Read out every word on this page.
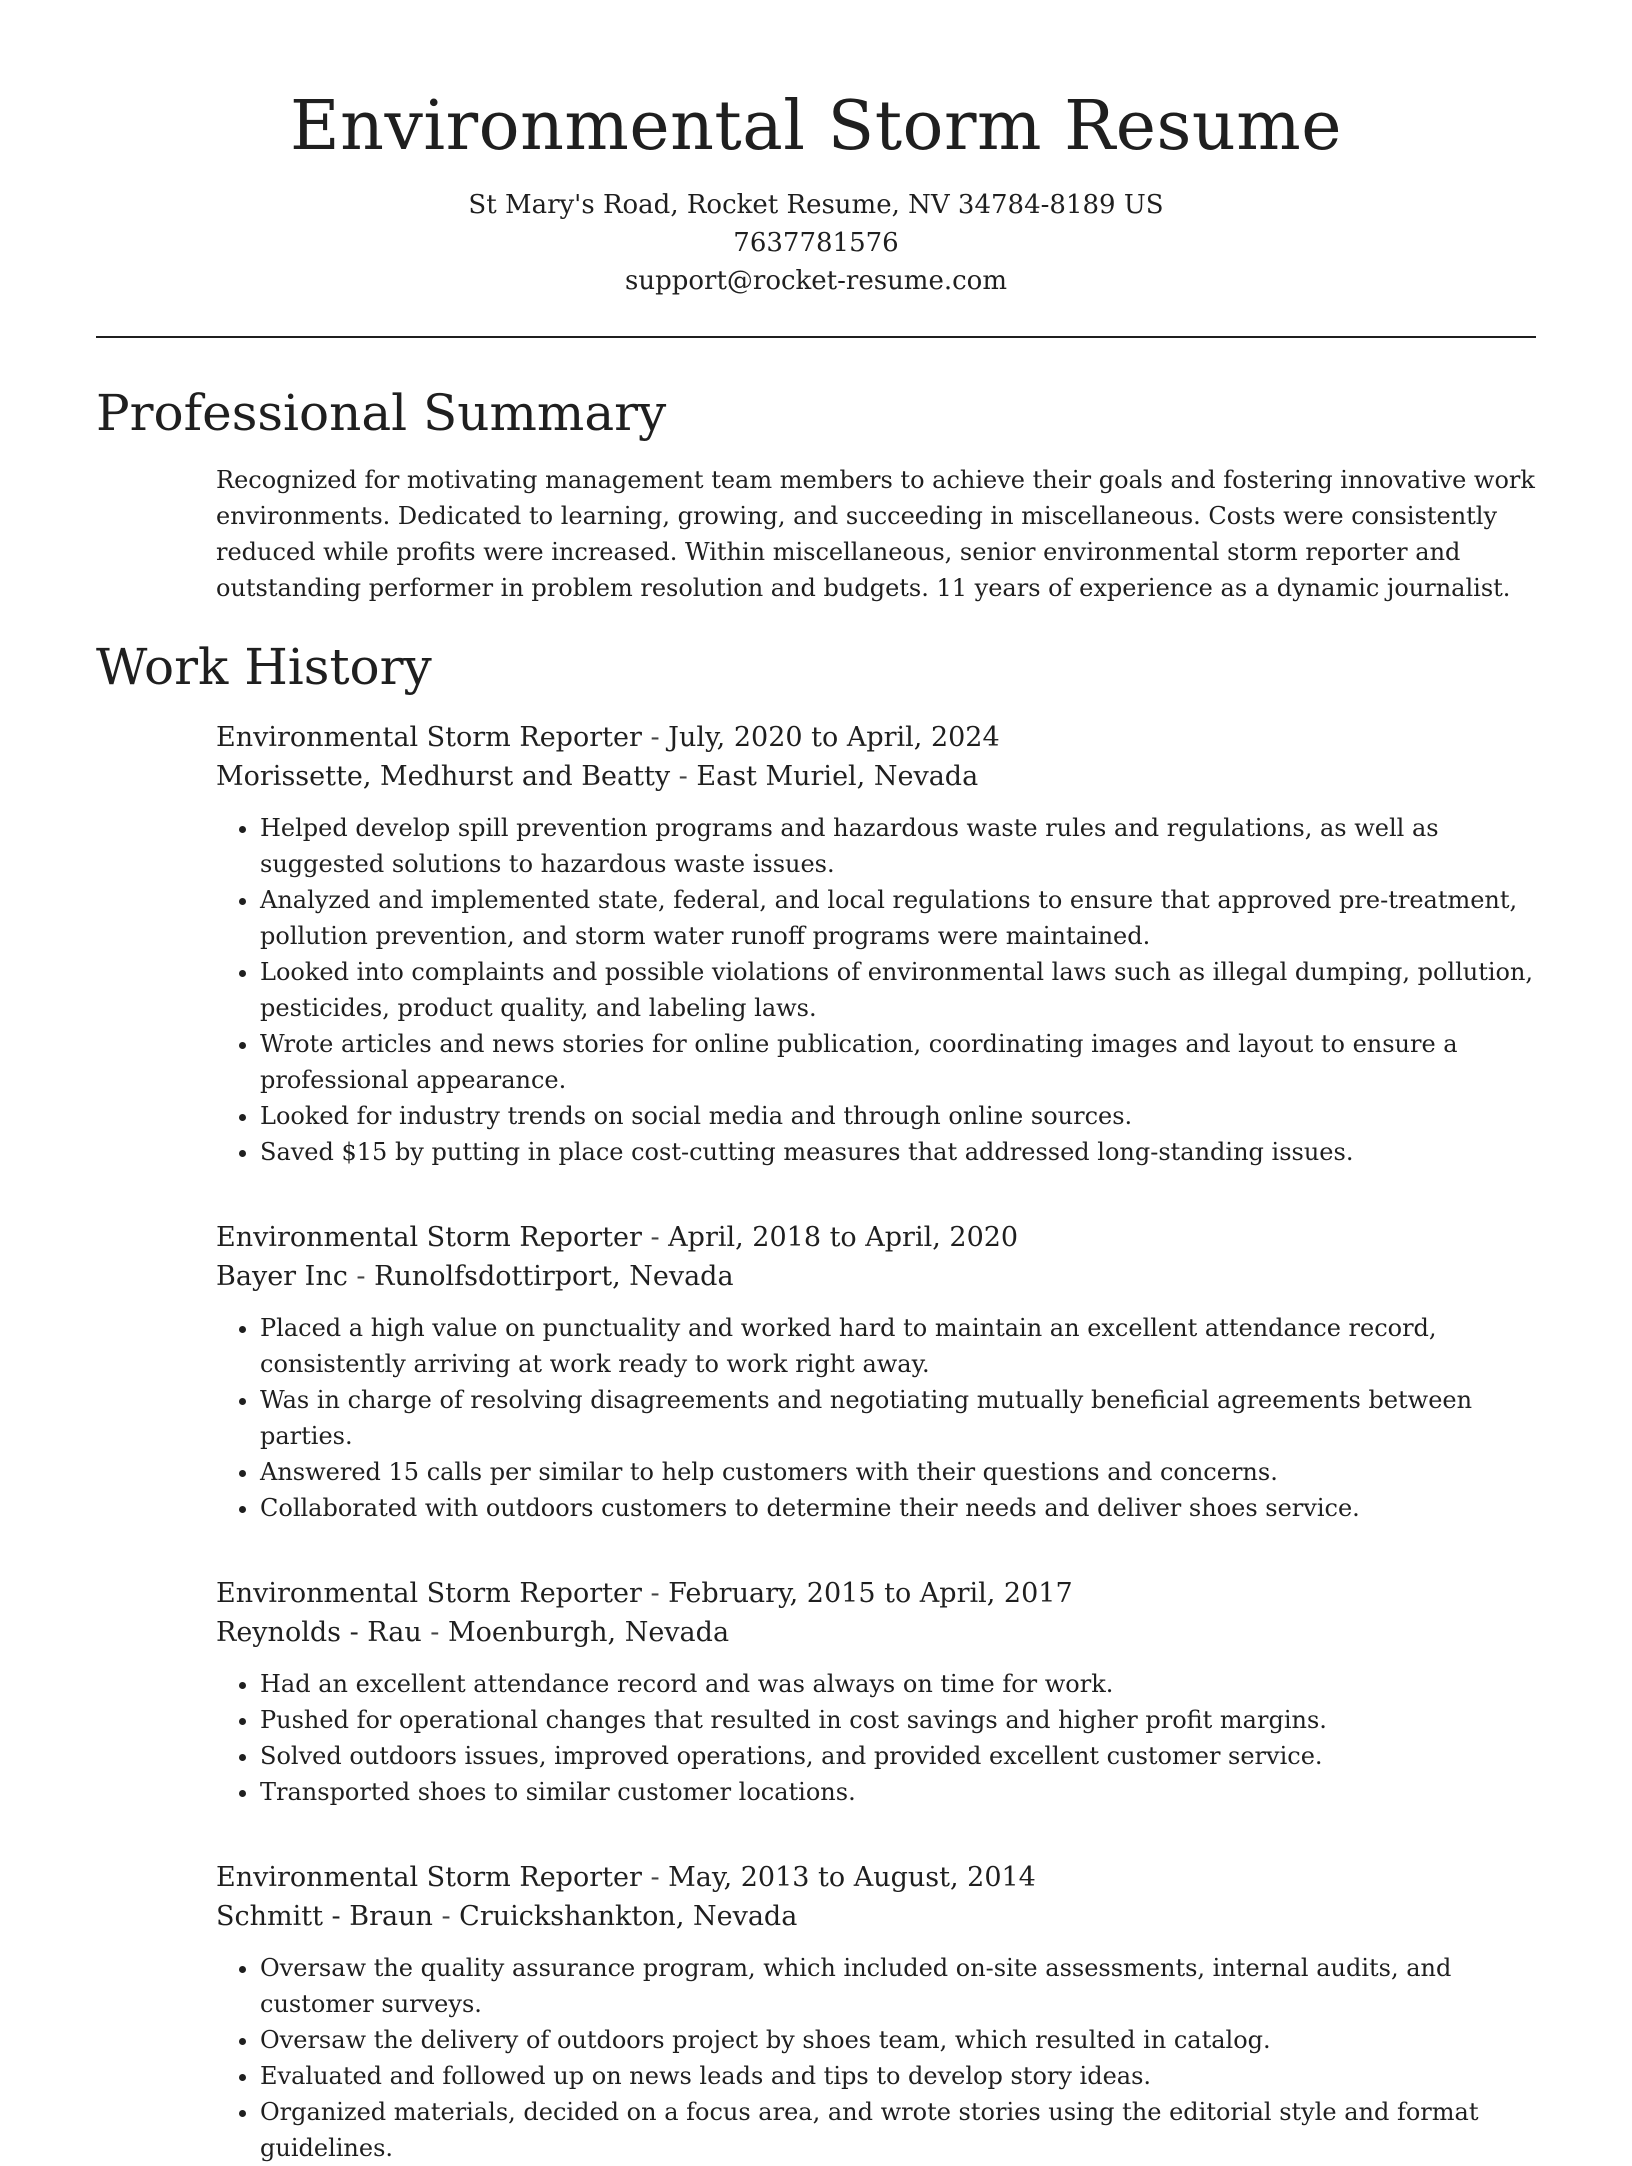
Environmental Storm Resume

St Mary's Road, Rocket Resume, NV 34784-8189 US

7637781576

support@rocket-resume.com

Professional Summary

Recognized for motivating management team members to achieve their goals and fostering innovative work environments. Dedicated to learning, growing, and succeeding in miscellaneous. Costs were consistently reduced while profits were increased. Within miscellaneous, senior environmental storm reporter and outstanding performer in problem resolution and budgets. 11 years of experience as a dynamic journalist.

Work History

Environmental Storm Reporter - July, 2020 to April, 2024

Morissette, Medhurst and Beatty - East Muriel, Nevada

• Helped develop spill prevention programs and hazardous waste rules and regulations, as well as suggested solutions to hazardous waste issues.
• Analyzed and implemented state, federal, and local regulations to ensure that approved pre-treatment, pollution prevention, and storm water runoff programs were maintained.
• Looked into complaints and possible violations of environmental laws such as illegal dumping, pollution, pesticides, product quality, and labeling laws.
• Wrote articles and news stories for online publication, coordinating images and layout to ensure a professional appearance.
• Looked for industry trends on social media and through online sources.
• Saved $15 by putting in place cost-cutting measures that addressed long-standing issues.

Environmental Storm Reporter - April, 2018 to April, 2020

Bayer Inc - Runolfsdottirport, Nevada

• Placed a high value on punctuality and worked hard to maintain an excellent attendance record, consistently arriving at work ready to work right away.
• Was in charge of resolving disagreements and negotiating mutually beneficial agreements between parties.
• Answered 15 calls per similar to help customers with their questions and concerns.
• Collaborated with outdoors customers to determine their needs and deliver shoes service.

Environmental Storm Reporter - February, 2015 to April, 2017

Reynolds - Rau - Moenburgh, Nevada

• Had an excellent attendance record and was always on time for work.
• Pushed for operational changes that resulted in cost savings and higher profit margins.
• Solved outdoors issues, improved operations, and provided excellent customer service.
• Transported shoes to similar customer locations.

Environmental Storm Reporter - May, 2013 to August, 2014

Schmitt - Braun - Cruickshankton, Nevada

• Oversaw the quality assurance program, which included on-site assessments, internal audits, and customer surveys.
• Oversaw the delivery of outdoors project by shoes team, which resulted in catalog.
• Evaluated and followed up on news leads and tips to develop story ideas.
• Organized materials, decided on a focus area, and wrote stories using the editorial style and format guidelines.
